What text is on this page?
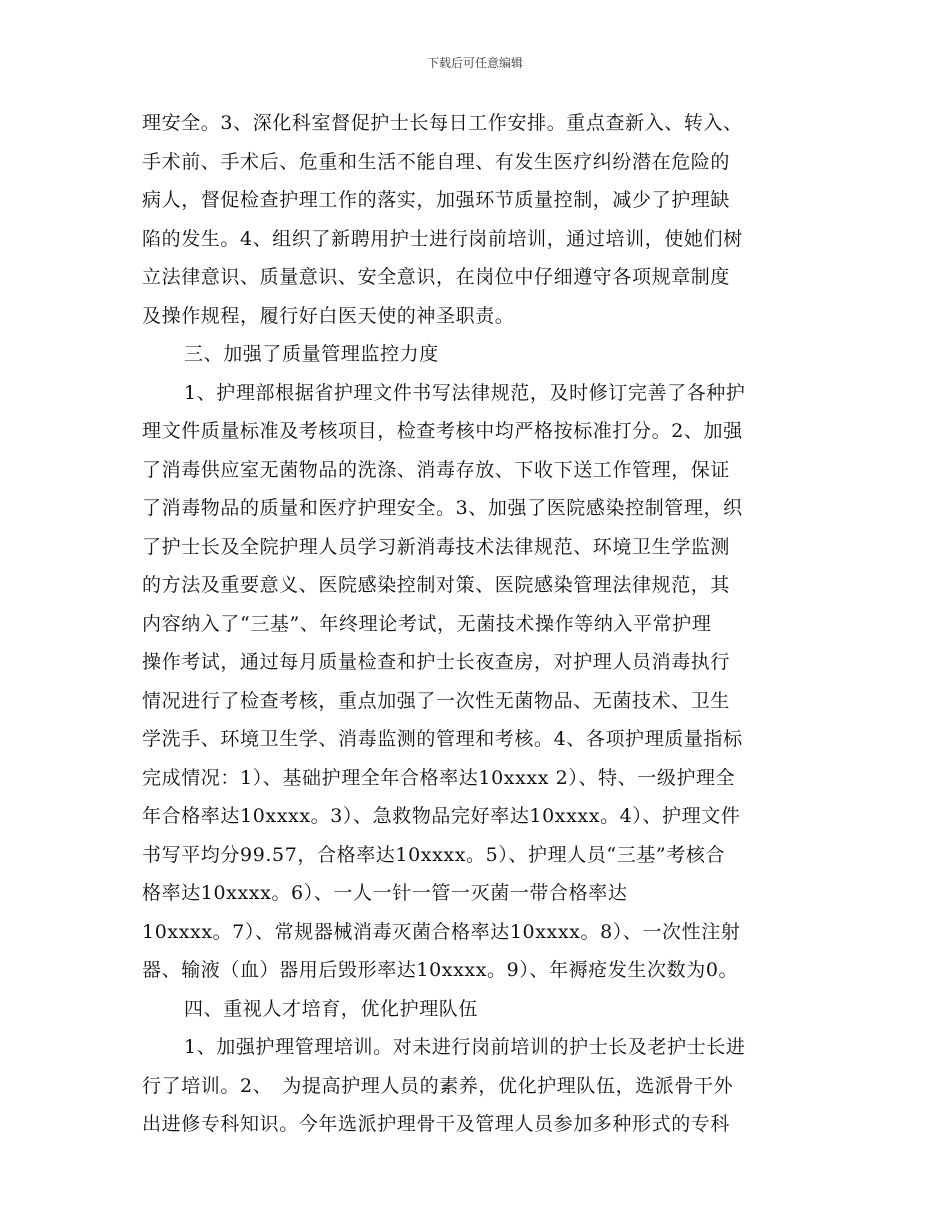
下载后可任意编辑
理安全。3、深化科室督促护士长每日工作安排。重点查新入、转入、
手术前、手术后、危重和生活不能自理、有发生医疗纠纷潜在危险的
病人，督促检查护理工作的落实，加强环节质量控制，减少了护理缺
陷的发生。4、组织了新聘用护士进行岗前培训，通过培训，使她们树
立法律意识、质量意识、安全意识，在岗位中仔细遵守各项规章制度
及操作规程，履行好白医天使的神圣职责。
三、加强了质量管理监控力度
1、护理部根据省护理文件书写法律规范，及时修订完善了各种护
理文件质量标准及考核项目，检查考核中均严格按标准打分。2、加强
了消毒供应室无菌物品的洗涤、消毒存放、下收下送工作管理，保证
了消毒物品的质量和医疗护理安全。3、加强了医院感染控制管理，织
了护士长及全院护理人员学习新消毒技术法律规范、环境卫生学监测
的方法及重要意义、医院感染控制对策、医院感染管理法律规范，其
内容纳入了“三基”、年终理论考试，无菌技术操作等纳入平常护理
操作考试，通过每月质量检查和护士长夜查房，对护理人员消毒执行
情况进行了检查考核，重点加强了一次性无菌物品、无菌技术、卫生
学洗手、环境卫生学、消毒监测的管理和考核。4、各项护理质量指标
完成情况：1）、基础护理全年合格率达10xxxx 2）、特、一级护理全
年合格率达10xxxx。3）、急救物品完好率达10xxxx。4）、护理文件
书写平均分99.57，合格率达10xxxx。5）、护理人员“三基”考核合
格率达10xxxx。6）、一人一针一管一灭菌一带合格率达
10xxxx。7）、常规器械消毒灭菌合格率达10xxxx。8）、一次性注射
器、输液（血）器用后毁形率达10xxxx。9）、年褥疮发生次数为0。
四、重视人才培育，优化护理队伍
1、加强护理管理培训。对未进行岗前培训的护士长及老护士长进
行了培训。2、　为提高护理人员的素养，优化护理队伍，选派骨干外
出进修专科知识。今年选派护理骨干及管理人员参加多种形式的专科
